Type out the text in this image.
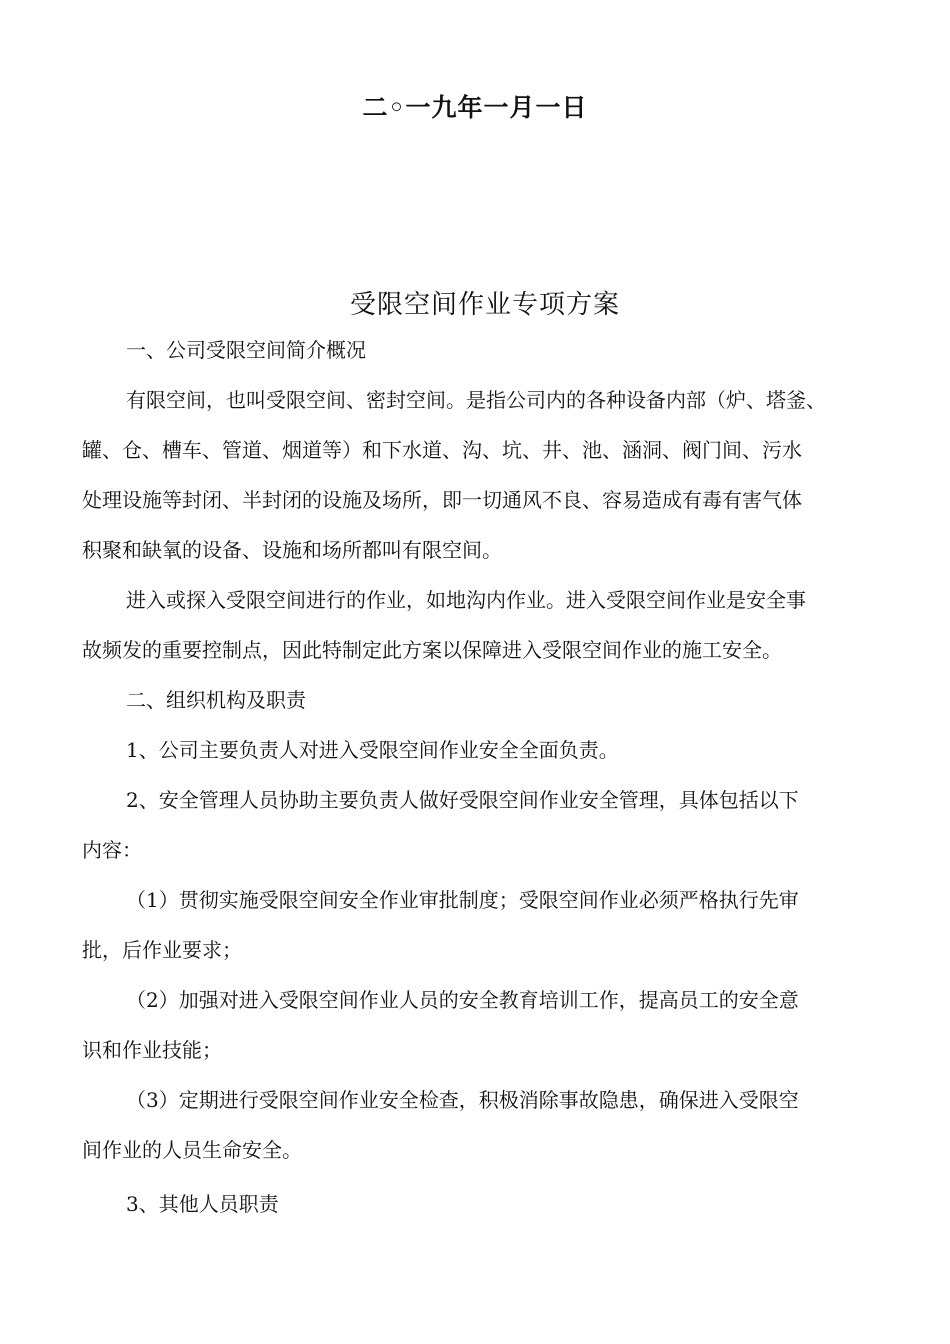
二◦一九年一月一日
受限空间作业专项方案
一、公司受限空间简介概况
有限空间，也叫受限空间、密封空间。是指公司内的各种设备内部（炉、塔釜、
罐、仓、槽车、管道、烟道等）和下水道、沟、坑、井、池、涵洞、阀门间、污水
处理设施等封闭、半封闭的设施及场所，即一切通风不良、容易造成有毒有害气体
积聚和缺氧的设备、设施和场所都叫有限空间。
进入或探入受限空间进行的作业，如地沟内作业。进入受限空间作业是安全事
故频发的重要控制点，因此特制定此方案以保障进入受限空间作业的施工安全。
二、组织机构及职责
1、公司主要负责人对进入受限空间作业安全全面负责。
2、安全管理人员协助主要负责人做好受限空间作业安全管理，具体包括以下
内容：
（1）贯彻实施受限空间安全作业审批制度；受限空间作业必须严格执行先审
批，后作业要求；
（2）加强对进入受限空间作业人员的安全教育培训工作，提高员工的安全意
识和作业技能；
（3）定期进行受限空间作业安全检查，积极消除事故隐患，确保进入受限空
间作业的人员生命安全。
3、其他人员职责
